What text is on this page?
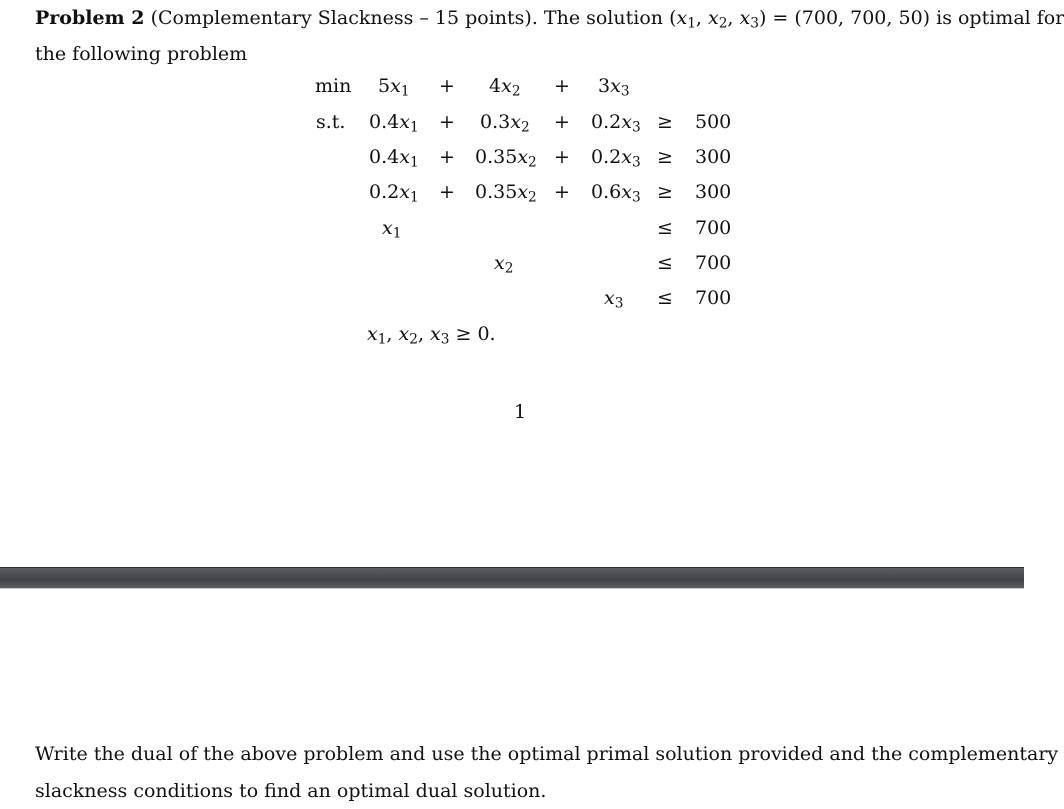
Problem 2 (Complementary Slackness – 15 points). The solution ($x_1$, $x_2$, $x_3) = (700$, 700, 50) is optimal for
the following problem
$\min 5x_1 + 4x_2 + 3x_3$
s.t. $0.4x_1 + 0.3x_2 + 0.2x_3 \ge 500$
$0.4x_1 + 0.35x_2 + 0.2x_3 \ge 300$
$0.2x_1 + 0.35x_2 + 0.6x_3 \ge 300$
$x_1$	≤ 700
$x_2$	≤ 700
$x_3 \le 700$
$x_1$, $x_2$, $x_3 \ge 0$.
1
Write the dual of the above problem and use the optimal primal solution provided and the complementary
slackness conditions to find an optimal dual solution.
